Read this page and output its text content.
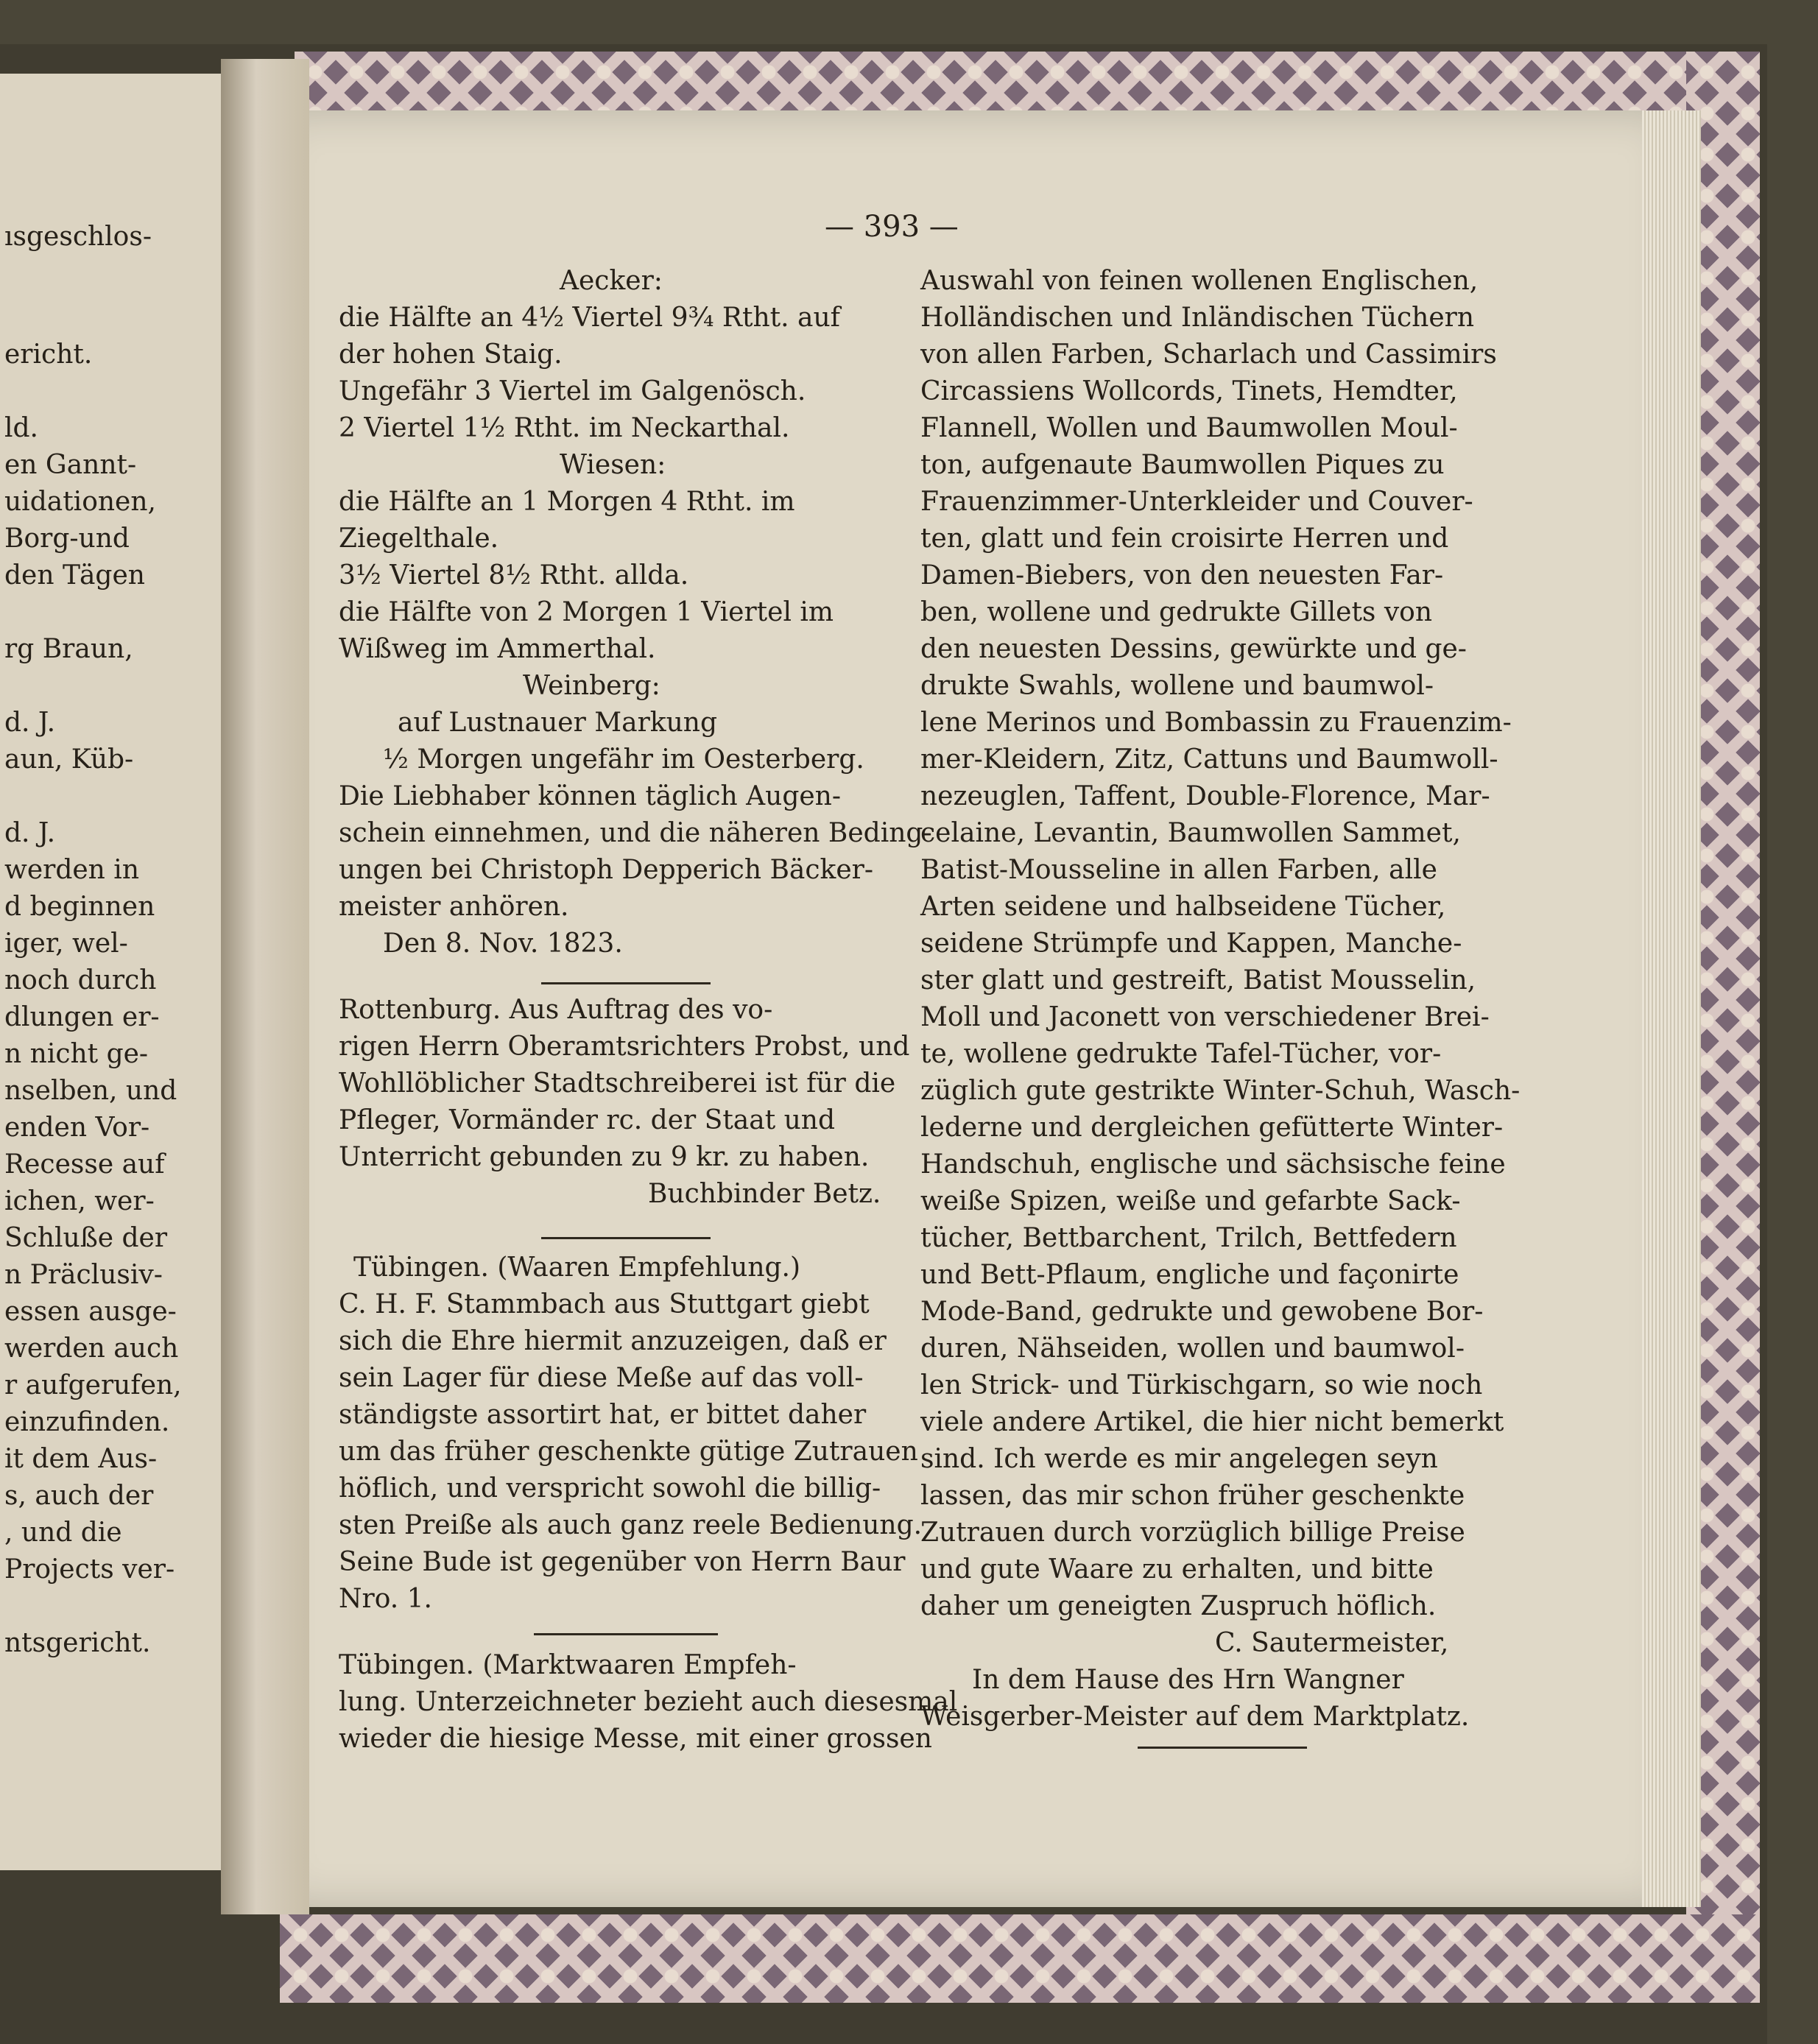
ısgeschlos-
ericht.
ld.
en Gannt-
uidationen,
Borg-und
den Tägen
rg Braun,
d. J.
aun, Küb-
d. J.
werden in
d beginnen
iger, wel-
noch durch
dlungen er-
n nicht ge-
nselben, und
enden Vor-
Recesse auf
ichen, wer-
Schluße der
n Präclusiv-
essen ausge-
werden auch
r aufgerufen,
einzufinden.
it dem Aus-
s, auch der
, und die
Projects ver-
ntsgericht.
— 393 —
Aecker:
die Hälfte an 4½ Viertel 9¾ Rtht. auf
der hohen Staig.
Ungefähr 3 Viertel im Galgenösch.
2 Viertel 1½ Rtht. im Neckarthal.
Wiesen:
die Hälfte an 1 Morgen 4 Rtht. im
Ziegelthale.
3½ Viertel 8½ Rtht. allda.
die Hälfte von 2 Morgen 1 Viertel im
Wißweg im Ammerthal.
Weinberg:
auf Lustnauer Markung
½ Morgen ungefähr im Oesterberg.
Die Liebhaber können täglich Augen-
schein einnehmen, und die näheren Beding-
ungen bei Christoph Depperich Bäcker-
meister anhören.
Den 8. Nov. 1823.
Rottenburg. Aus Auftrag des vo-
rigen Herrn Oberamtsrichters Probst, und
Wohllöblicher Stadtschreiberei ist für die
Pfleger, Vormänder rc. der Staat und
Unterricht gebunden zu 9 kr. zu haben.
Buchbinder Betz.
Tübingen. (Waaren Empfehlung.)
C. H. F. Stammbach aus Stuttgart giebt
sich die Ehre hiermit anzuzeigen, daß er
sein Lager für diese Meße auf das voll-
ständigste assortirt hat, er bittet daher
um das früher geschenkte gütige Zutrauen
höflich, und verspricht sowohl die billig-
sten Preiße als auch ganz reele Bedienung.
Seine Bude ist gegenüber von Herrn Baur
Nro. 1.
Tübingen. (Marktwaaren Empfeh-
lung. Unterzeichneter bezieht auch diesesmal
wieder die hiesige Messe, mit einer grossen
Auswahl von feinen wollenen Englischen,
Holländischen und Inländischen Tüchern
von allen Farben, Scharlach und Cassimirs
Circassiens Wollcords, Tinets, Hemdter,
Flannell, Wollen und Baumwollen Moul-
ton, aufgenaute Baumwollen Piques zu
Frauenzimmer-Unterkleider und Couver-
ten, glatt und fein croisirte Herren und
Damen-Biebers, von den neuesten Far-
ben, wollene und gedrukte Gillets von
den neuesten Dessins, gewürkte und ge-
drukte Swahls, wollene und baumwol-
lene Merinos und Bombassin zu Frauenzim-
mer-Kleidern, Zitz, Cattuns und Baumwoll-
nezeuglen, Taffent, Double-Florence, Mar-
celaine, Levantin, Baumwollen Sammet,
Batist-Mousseline in allen Farben, alle
Arten seidene und halbseidene Tücher,
seidene Strümpfe und Kappen, Manche-
ster glatt und gestreift, Batist Mousselin,
Moll und Jaconett von verschiedener Brei-
te, wollene gedrukte Tafel-Tücher, vor-
züglich gute gestrikte Winter-Schuh, Wasch-
lederne und dergleichen gefütterte Winter-
Handschuh, englische und sächsische feine
weiße Spizen, weiße und gefarbte Sack-
tücher, Bettbarchent, Trilch, Bettfedern
und Bett-Pflaum, engliche und façonirte
Mode-Band, gedrukte und gewobene Bor-
duren, Nähseiden, wollen und baumwol-
len Strick- und Türkischgarn, so wie noch
viele andere Artikel, die hier nicht bemerkt
sind. Ich werde es mir angelegen seyn
lassen, das mir schon früher geschenkte
Zutrauen durch vorzüglich billige Preise
und gute Waare zu erhalten, und bitte
daher um geneigten Zuspruch höflich.
C. Sautermeister,
In dem Hause des Hrn Wangner
Weisgerber-Meister auf dem Marktplatz.
